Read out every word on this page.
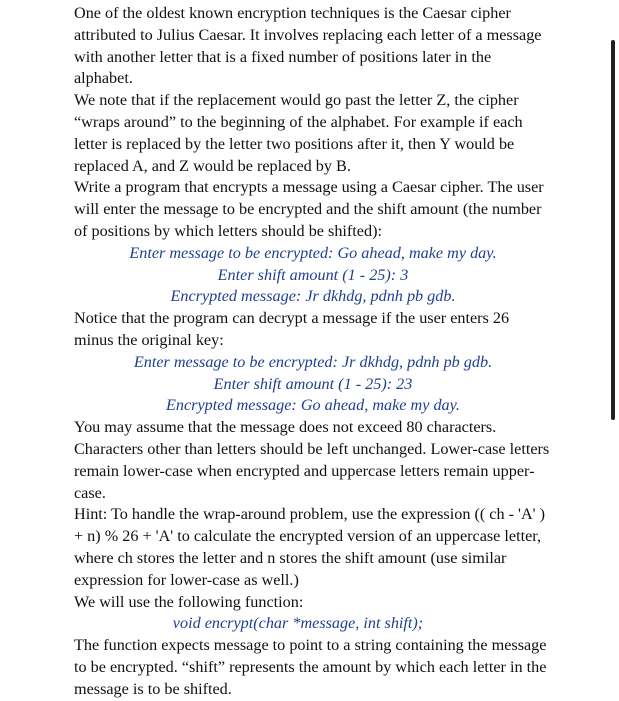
One of the oldest known encryption techniques is the Caesar cipher attributed to Julius Caesar. It involves replacing each letter of a message with another letter that is a fixed number of positions later in the alphabet.

We note that if the replacement would go past the letter Z, the cipher “wraps around” to the beginning of the alphabet. For example if each letter is replaced by the letter two positions after it, then Y would be replaced A, and Z would be replaced by B.

Write a program that encrypts a message using a Caesar cipher. The user will enter the message to be encrypted and the shift amount (the number of positions by which letters should be shifted):

Enter message to be encrypted: Go ahead, make my day.

Enter shift amount (1 - 25): 3

Encrypted message: Jr dkhdg, pdnh pb gdb.

Notice that the program can decrypt a message if the user enters 26 minus the original key:

Enter message to be encrypted: Jr dkhdg, pdnh pb gdb.

Enter shift amount (1 - 25): 23

Encrypted message: Go ahead, make my day.

You may assume that the message does not exceed 80 characters. Characters other than letters should be left unchanged. Lower-case letters remain lower-case when encrypted and uppercase letters remain upper-case.

Hint: To handle the wrap-around problem, use the expression (( ch - 'A' ) + n) % 26 + 'A' to calculate the encrypted version of an uppercase letter, where ch stores the letter and n stores the shift amount (use similar expression for lower-case as well.)

We will use the following function:

void encrypt(char *message, int shift);

The function expects message to point to a string containing the message to be encrypted. “shift” represents the amount by which each letter in the message is to be shifted.
